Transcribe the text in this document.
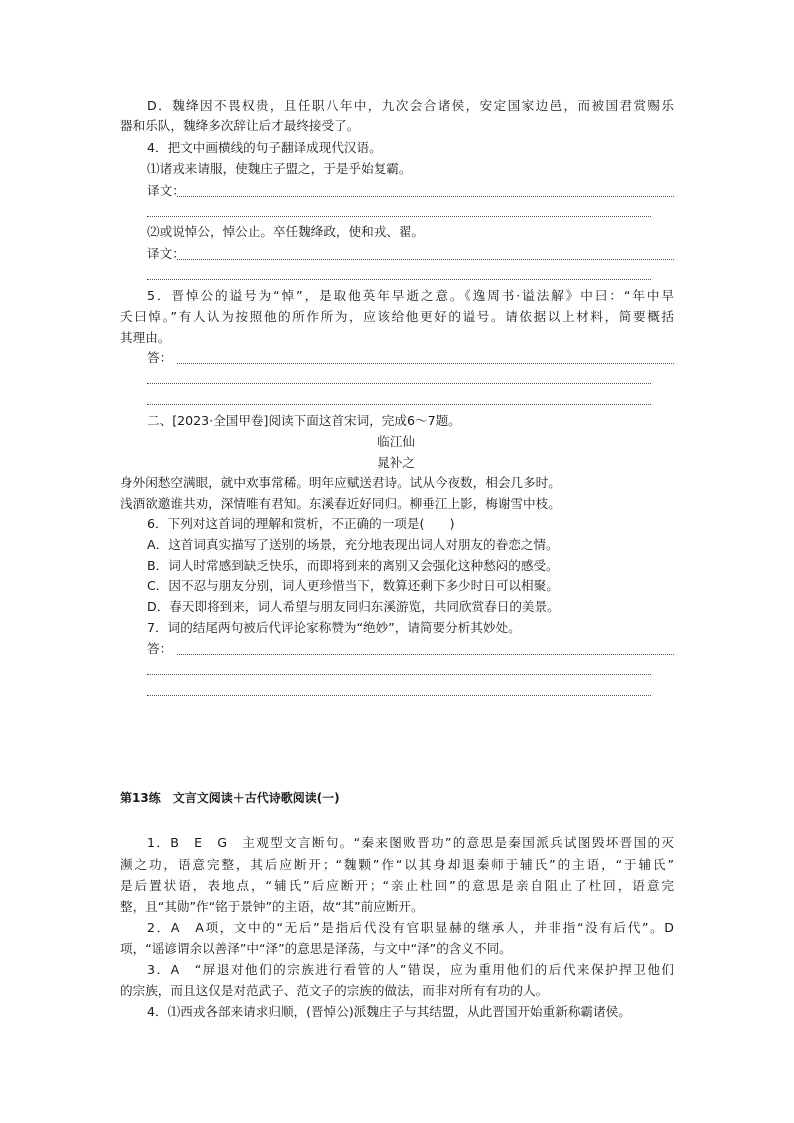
D．魏绛因不畏权贵，且任职八年中，九次会合诸侯，安定国家边邑，而被国君赏赐乐
器和乐队，魏绛多次辞让后才最终接受了。
4．把文中画横线的句子翻译成现代汉语。
⑴诸戎来请服，使魏庄子盟之，于是乎始复霸。
译文：
⑵或说悼公，悼公止。卒任魏绛政，使和戎、翟。
译文：
5．晋悼公的谥号为“悼”，是取他英年早逝之意。《逸周书·谥法解》中曰：“年中早
夭曰悼。”有人认为按照他的所作所为，应该给他更好的谥号。请依据以上材料，简要概括
其理由。
答：
二、[2023·全国甲卷]阅读下面这首宋词，完成6～7题。
临江仙
晁补之
身外闲愁空满眼，就中欢事常稀。明年应赋送君诗。试从今夜数，相会几多时。
浅酒欲邀谁共劝，深情唯有君知。东溪春近好同归。柳垂江上影，梅谢雪中枝。
6．下列对这首词的理解和赏析，不正确的一项是(　　)
A．这首词真实描写了送别的场景，充分地表现出词人对朋友的眷恋之情。
B．词人时常感到缺乏快乐，而即将到来的离别又会强化这种愁闷的感受。
C．因不忍与朋友分别，词人更珍惜当下，数算还剩下多少时日可以相聚。
D．春天即将到来，词人希望与朋友同归东溪游览，共同欣赏春日的美景。
7．词的结尾两句被后代评论家称赞为“绝妙”，请简要分析其妙处。
答：
第13练　文言文阅读＋古代诗歌阅读(一)
1．B　E　G　主观型文言断句。“秦来图败晋功”的意思是秦国派兵试图毁坏晋国的灭
濒之功，语意完整，其后应断开；“魏颗”作“以其身却退秦师于辅氏”的主语，“于辅氏”
是后置状语，表地点，“辅氏”后应断开；“亲止杜回”的意思是亲自阻止了杜回，语意完
整，且“其勋”作“铭于景钟”的主语，故“其”前应断开。
2．A　A项，文中的“无后”是指后代没有官职显赫的继承人，并非指“没有后代”。D
项，“谣谚谓余以善泽”中“泽”的意思是泽荡，与文中“泽”的含义不同。
3．A　“屏退对他们的宗族进行看管的人”错误，应为重用他们的后代来保护捍卫他们
的宗族，而且这仅是对范武子、范文子的宗族的做法，而非对所有有功的人。
4．⑴西戎各部来请求归顺，(晋悼公)派魏庄子与其结盟，从此晋国开始重新称霸诸侯。
